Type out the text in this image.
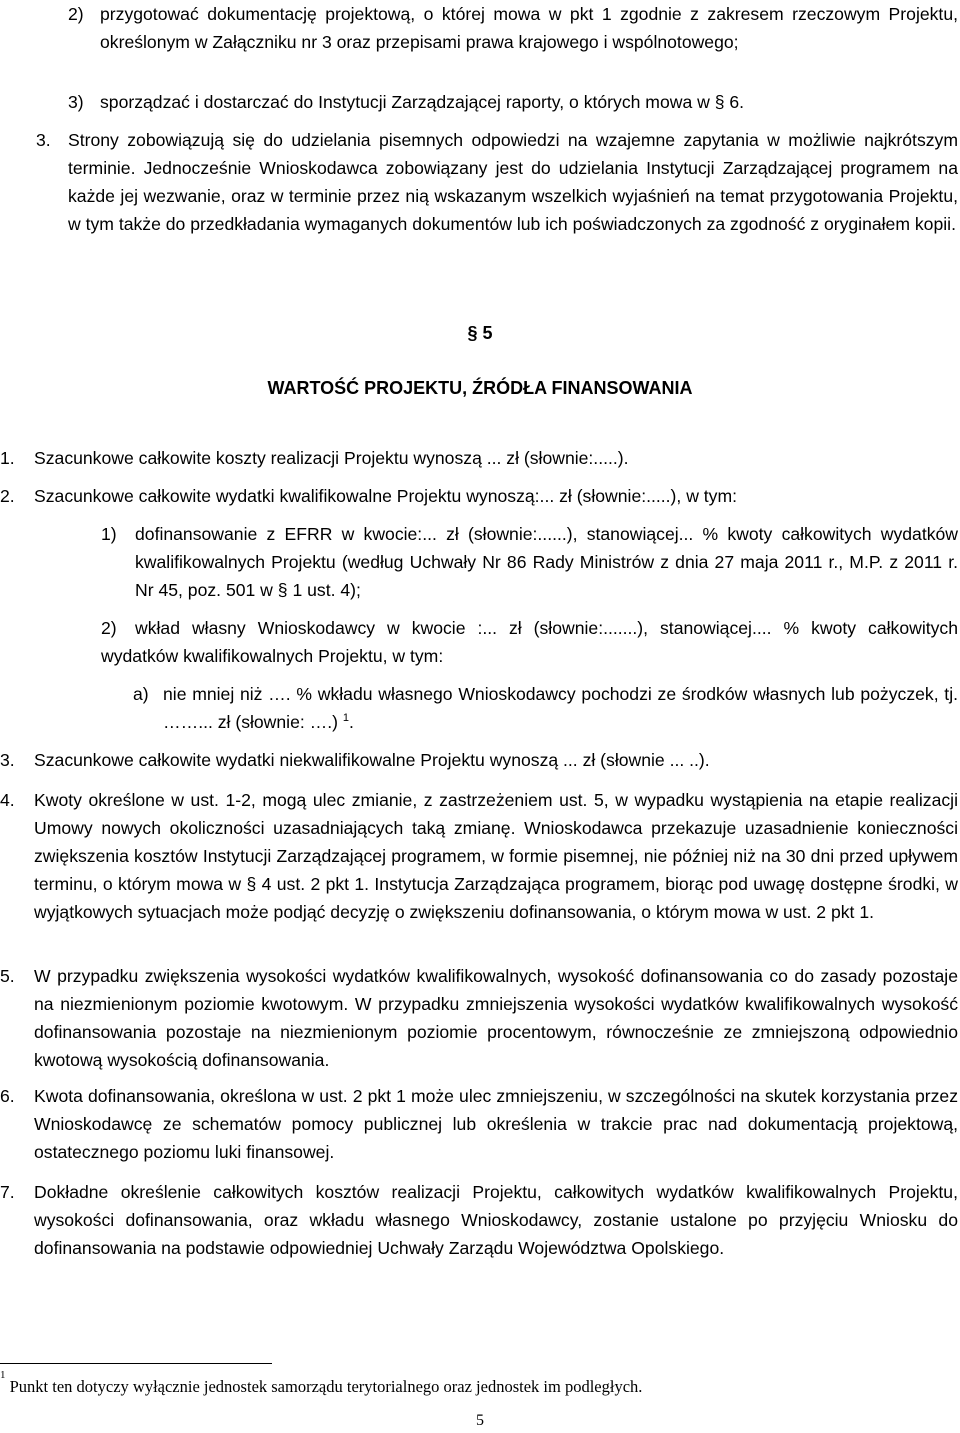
2) przygotować dokumentację projektową, o której mowa w pkt 1 zgodnie z zakresem rzeczowym Projektu, określonym w Załączniku nr 3 oraz przepisami prawa krajowego i wspólnotowego;

3) sporządzać i dostarczać do Instytucji Zarządzającej raporty, o których mowa w § 6.

3. Strony zobowiązują się do udzielania pisemnych odpowiedzi na wzajemne zapytania w możliwie najkrótszym terminie. Jednocześnie Wnioskodawca zobowiązany jest do udzielania Instytucji Zarządzającej programem na każde jej wezwanie, oraz w terminie przez nią wskazanym wszelkich wyjaśnień na temat przygotowania Projektu, w tym także do przedkładania wymaganych dokumentów lub ich poświadczonych za zgodność z oryginałem kopii.

§ 5

WARTOŚĆ PROJEKTU, ŹRÓDŁA FINANSOWANIA

1. Szacunkowe całkowite koszty realizacji Projektu wynoszą ... zł (słownie:.....).

2. Szacunkowe całkowite wydatki kwalifikowalne Projektu wynoszą:... zł (słownie:.....), w tym:

1) dofinansowanie z EFRR w kwocie:... zł (słownie:......), stanowiącej... % kwoty całkowitych wydatków kwalifikowalnych Projektu (według Uchwały Nr 86 Rady Ministrów z dnia 27 maja 2011 r., M.P. z 2011 r. Nr 45, poz. 501 w § 1 ust. 4);

2)	wkład własny Wnioskodawcy w kwocie :... zł (słownie:.......), stanowiącej.... % kwoty całkowitych wydatków kwalifikowalnych Projektu, w tym:

a) nie mniej niż …. % wkładu własnego Wnioskodawcy pochodzi ze środków własnych lub pożyczek, tj. ……... zł (słownie: ….) $^1$.

3. Szacunkowe całkowite wydatki niekwalifikowalne Projektu wynoszą ... zł (słownie ... ..).

4. Kwoty określone w ust. 1-2, mogą ulec zmianie, z zastrzeżeniem ust. 5, w wypadku wystąpienia na etapie realizacji Umowy nowych okoliczności uzasadniających taką zmianę. Wnioskodawca przekazuje uzasadnienie konieczności zwiększenia kosztów Instytucji Zarządzającej programem, w formie pisemnej, nie później niż na 30 dni przed upływem terminu, o którym mowa w § 4 ust. 2 pkt 1. Instytucja Zarządzająca programem, biorąc pod uwagę dostępne środki, w wyjątkowych sytuacjach może podjąć decyzję o zwiększeniu dofinansowania, o którym mowa w ust. 2 pkt 1.

5. W przypadku zwiększenia wysokości wydatków kwalifikowalnych, wysokość dofinansowania co do zasady pozostaje na niezmienionym poziomie kwotowym. W przypadku zmniejszenia wysokości wydatków kwalifikowalnych wysokość dofinansowania pozostaje na niezmienionym poziomie procentowym, równocześnie ze zmniejszoną odpowiednio kwotową wysokością dofinansowania.

6. Kwota dofinansowania, określona w ust. 2 pkt 1 może ulec zmniejszeniu, w szczególności na skutek korzystania przez Wnioskodawcę ze schematów pomocy publicznej lub określenia w trakcie prac nad dokumentacją projektową, ostatecznego poziomu luki finansowej.

7. Dokładne określenie całkowitych kosztów realizacji Projektu, całkowitych wydatków kwalifikowalnych Projektu, wysokości dofinansowania, oraz wkładu własnego Wnioskodawcy, zostanie ustalone po przyjęciu Wniosku do dofinansowania na podstawie odpowiedniej Uchwały Zarządu Województwa Opolskiego.

$^1$ Punkt ten dotyczy wyłącznie jednostek samorządu terytorialnego oraz jednostek im podległych.

5
